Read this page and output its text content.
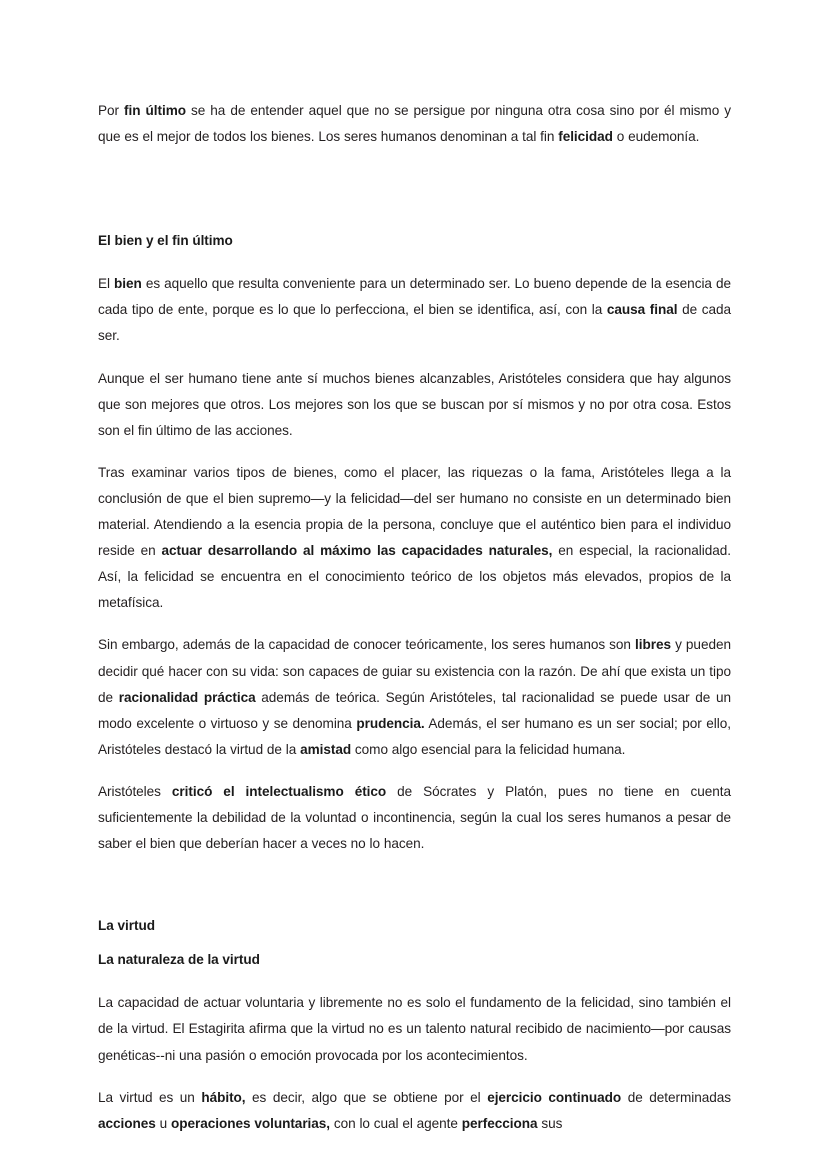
Por fin último se ha de entender aquel que no se persigue por ninguna otra cosa sino por él mismo y que es el mejor de todos los bienes. Los seres humanos denominan a tal fin felicidad o eudemonía.

El bien y el fin último

El bien es aquello que resulta conveniente para un determinado ser. Lo bueno depende de la esencia de cada tipo de ente, porque es lo que lo perfecciona, el bien se identifica, así, con la causa final de cada ser.

Aunque el ser humano tiene ante sí muchos bienes alcanzables, Aristóteles considera que hay algunos que son mejores que otros. Los mejores son los que se buscan por sí mismos y no por otra cosa. Estos son el fin último de las acciones.

Tras examinar varios tipos de bienes, como el placer, las riquezas o la fama, Aristóteles llega a la conclusión de que el bien supremo—y la felicidad—del ser humano no consiste en un determinado bien material. Atendiendo a la esencia propia de la persona, concluye que el auténtico bien para el individuo reside en actuar desarrollando al máximo las capacidades naturales, en especial, la racionalidad. Así, la felicidad se encuentra en el conocimiento teórico de los objetos más elevados, propios de la metafísica.

Sin embargo, además de la capacidad de conocer teóricamente, los seres humanos son libres y pueden decidir qué hacer con su vida: son capaces de guiar su existencia con la razón. De ahí que exista un tipo de racionalidad práctica además de teórica. Según Aristóteles, tal racionalidad se puede usar de un modo excelente o virtuoso y se denomina prudencia. Además, el ser humano es un ser social; por ello, Aristóteles destacó la virtud de la amistad como algo esencial para la felicidad humana.

Aristóteles criticó el intelectualismo ético de Sócrates y Platón, pues no tiene en cuenta suficientemente la debilidad de la voluntad o incontinencia, según la cual los seres humanos a pesar de saber el bien que deberían hacer a veces no lo hacen.

La virtud
La naturaleza de la virtud

La capacidad de actuar voluntaria y libremente no es solo el fundamento de la felicidad, sino también el de la virtud. El Estagirita afirma que la virtud no es un talento natural recibido de nacimiento—por causas genéticas--ni una pasión o emoción provocada por los acontecimientos.

La virtud es un hábito, es decir, algo que se obtiene por el ejercicio continuado de determinadas acciones u operaciones voluntarias, con lo cual el agente perfecciona sus
